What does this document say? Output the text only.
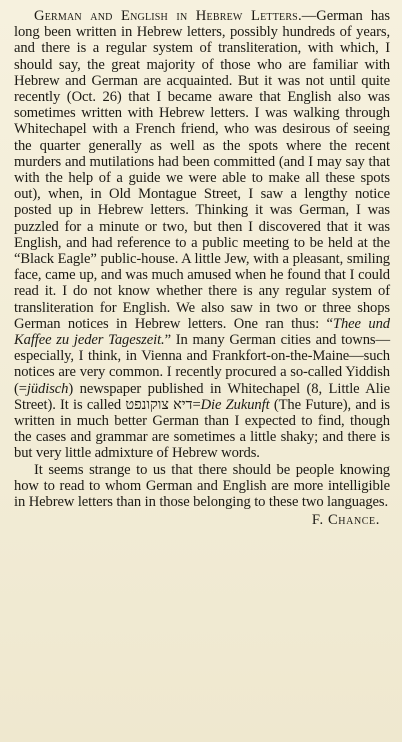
German and English in Hebrew Letters.—German has long been written in Hebrew letters, possibly hundreds of years, and there is a regular system of transliteration, with which, I should say, the great majority of those who are familiar with Hebrew and German are acquainted. But it was not until quite recently (Oct. 26) that I became aware that English also was sometimes written with Hebrew letters. I was walking through Whitechapel with a French friend, who was desirous of seeing the quarter generally as well as the spots where the recent murders and mutilations had been committed (and I may say that with the help of a guide we were able to make all these spots out), when, in Old Montague Street, I saw a lengthy notice posted up in Hebrew letters. Thinking it was German, I was puzzled for a minute or two, but then I discovered that it was English, and had reference to a public meeting to be held at the “Black Eagle” public-house. A little Jew, with a pleasant, smiling face, came up, and was much amused when he found that I could read it. I do not know whether there is any regular system of transliteration for English. We also saw in two or three shops German notices in Hebrew letters. One ran thus: “Thee und Kaffee zu jeder Tageszeit.” In many German cities and towns—especially, I think, in Vienna and Frankfort-on-the-Maine—such notices are very common. I recently procured a so-called Yiddish (=jüdisch) newspaper published in Whitechapel (8, Little Alie Street). It is called דיא צוקונפט=Die Zukunft (The Future), and is written in much better German than I expected to find, though the cases and grammar are sometimes a little shaky; and there is but very little admixture of Hebrew words.

It seems strange to us that there should be people knowing how to read to whom German and English are more intelligible in Hebrew letters than in those belonging to these two languages.

F. Chance.
